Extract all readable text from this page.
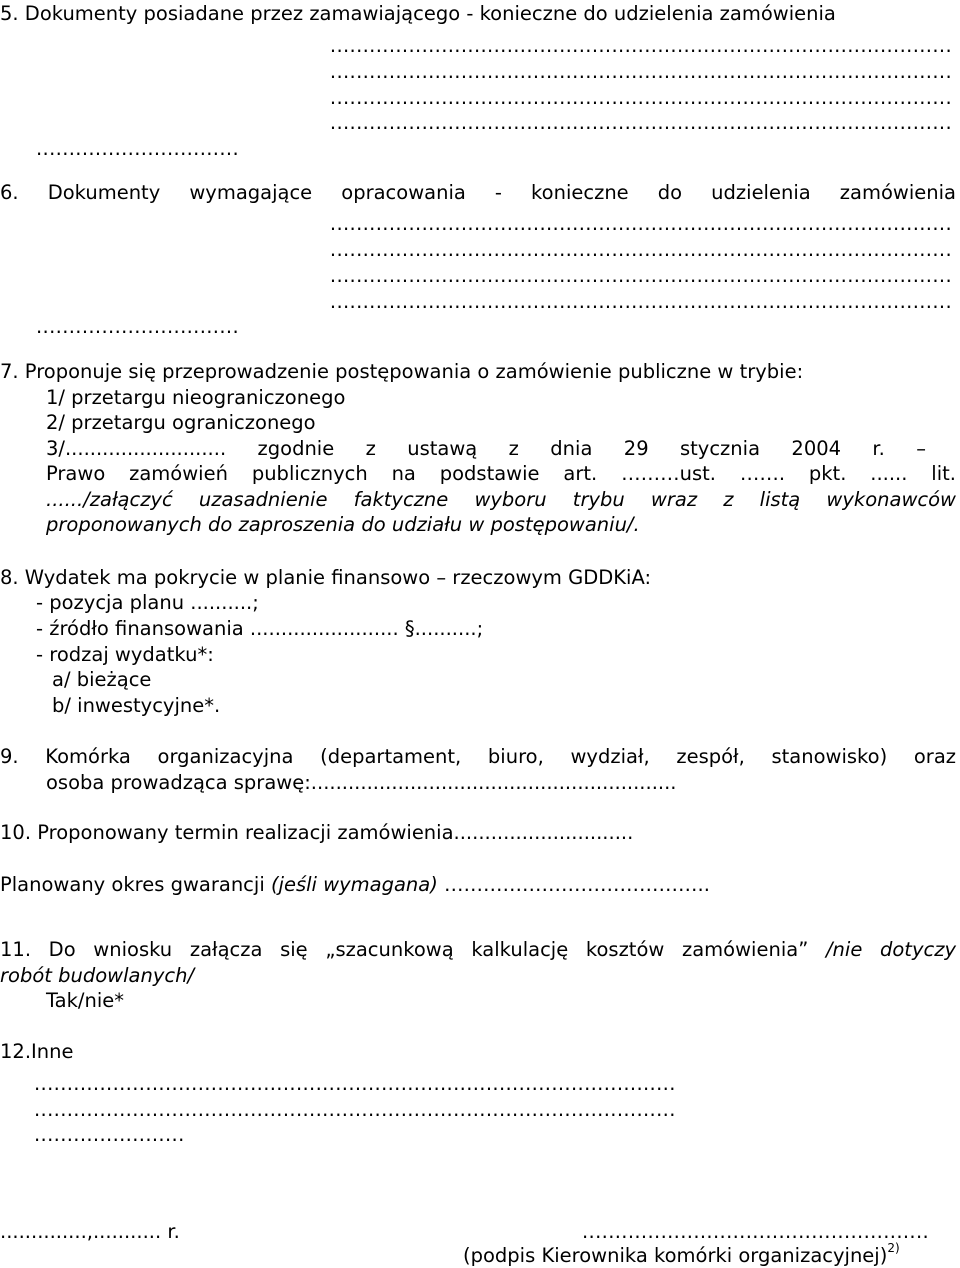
5. Dokumenty posiadane przez zamawiającego - konieczne do udzielenia zamówienia
...............................................................................................
...............................................................................................
...............................................................................................
...............................................................................................
...............................
6. Dokumenty wymagające opracowania - konieczne do udzielenia zamówienia
...............................................................................................
...............................................................................................
...............................................................................................
...............................................................................................
...............................
7. Proponuje się przeprowadzenie postępowania o zamówienie publiczne w trybie:
1/ przetargu nieograniczonego
2/ przetargu ograniczonego
3/.......................... zgodnie z ustawą z dnia 29 stycznia 2004 r. –
Prawo zamówień publicznych na podstawie art. ………ust. ……. pkt. ...... lit.
....../załączyć uzasadnienie faktyczne wyboru trybu wraz z listą wykonawców
proponowanych do zaproszenia do udziału w postępowaniu/.
8. Wydatek ma pokrycie w planie finansowo – rzeczowym GDDKiA:
- pozycja planu ..........;
- źródło finansowania ........................ §..........;
- rodzaj wydatku*:
a/ bieżące
b/ inwestycyjne*.
9. Komórka organizacyjna (departament, biuro, wydział, zespół, stanowisko) oraz
osoba prowadząca sprawę:...........................................................
10. Proponowany termin realizacji zamówienia.............................
Planowany okres gwarancji (jeśli wymagana) …………………………………..
11. Do wniosku załącza się „szacunkową kalkulację kosztów zamówienia” /nie dotyczy
robót budowlanych/
Tak/nie*
12.Inne
..................................................................................................
..................................................................................................
.......................
..............,........... r.	.....................................................
(podpis Kierownika komórki organizacyjnej)$^{2)}$
